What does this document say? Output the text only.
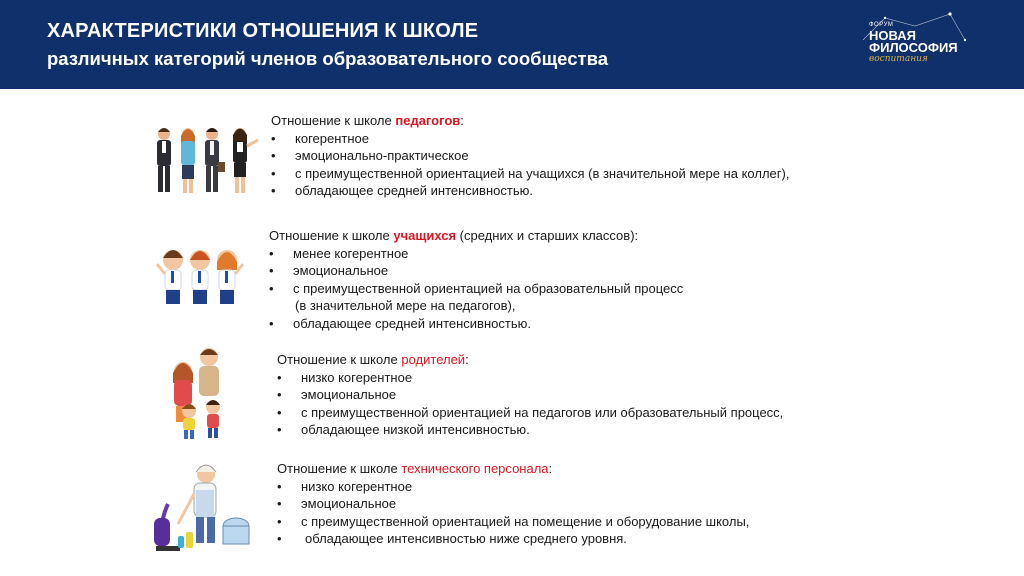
ХАРАКТЕРИСТИКИ ОТНОШЕНИЯ К ШКОЛЕ
различных категорий членов образовательного сообщества
ФОРУМ
НОВАЯ
ФИЛОСОФИЯ
воспитания
Отношение к школе педагогов:
• когерентное
• эмоционально-практическое
• с преимущественной ориентацией на учащихся (в значительной мере на коллег),
• обладающее средней интенсивностью.
Отношение к школе учащихся (средних и старших классов):
• менее когерентное
• эмоциональное
• с преимущественной ориентацией на образовательный процесс
(в значительной мере на педагогов),
• обладающее средней интенсивностью.
Отношение к школе родителей:
• низко когерентное
• эмоциональное
• с преимущественной ориентацией на педагогов или образовательный процесс,
• обладающее низкой интенсивностью.
Отношение к школе технического персонала:
• низко когерентное
• эмоциональное
• с преимущественной ориентацией на помещение и оборудование школы,
• обладающее интенсивностью ниже среднего уровня.
